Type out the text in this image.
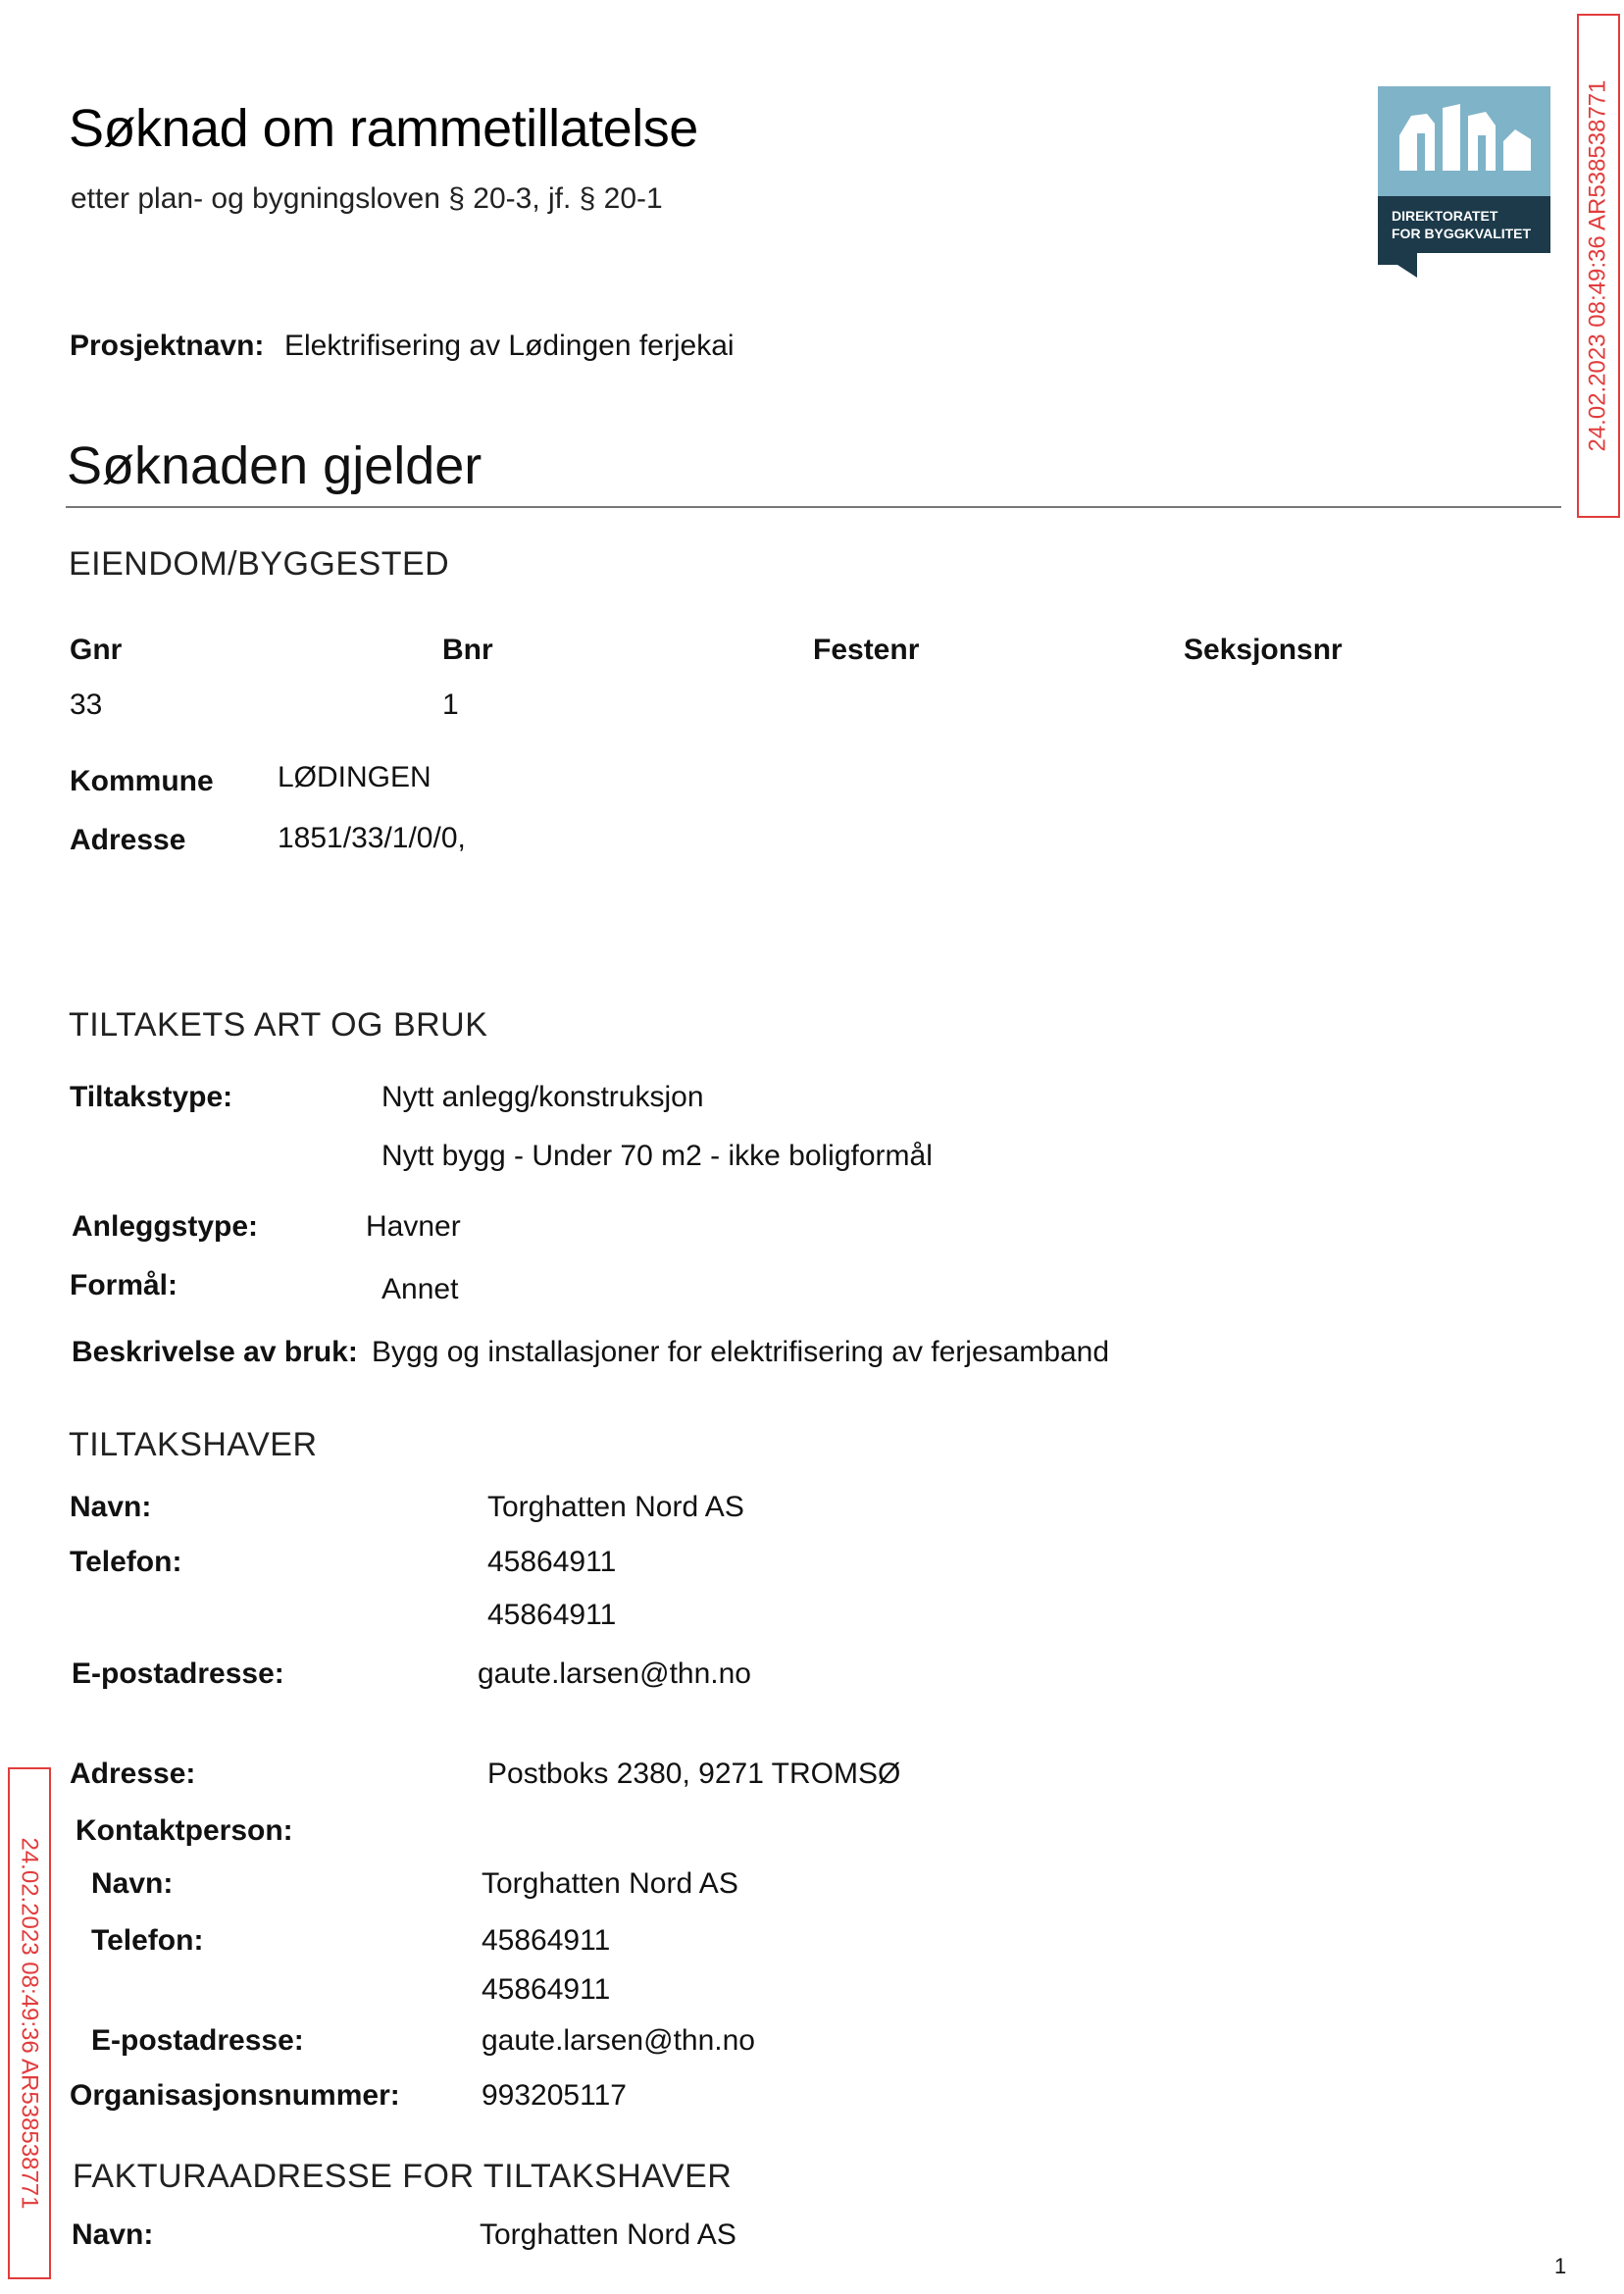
Søknad om rammetillatelse
etter plan- og bygningsloven § 20-3, jf. § 20-1
DIREKTORATET
FOR BYGGKVALITET 24.02.2023 08:49:36 AR538538771
Prosjektnavn: Elektrifisering av Lødingen ferjekai
Søknaden gjelder
EIENDOM/BYGGESTED
Gnr	Bnr	Festenr	Seksjonsnr
33	1
Kommune LØDINGEN
Adresse	1851/33/1/0/0,
TILTAKETS ART OG BRUK
Tiltakstype:	Nytt anlegg/konstruksjon
Nytt bygg - Under 70 m2 - ikke boligformål
Anleggstype:	Havner
Formål:	Annet
Beskrivelse av bruk: Bygg og installasjoner for elektrifisering av ferjesamband
TILTAKSHAVER
Navn:	Torghatten Nord AS
Telefon:	45864911
45864911
E-postadresse:	gaute.larsen@thn.no
Adresse:	Postboks 2380, 9271 TROMSØ
Kontaktperson:
Navn:	Torghatten Nord AS
Telefon:	45864911
45864911
E-postadresse:	gaute.larsen@thn.no
Organisasjonsnummer:	993205117
FAKTURAADRESSE FOR TILTAKSHAVER
Navn:	Torghatten Nord AS
24.02.2023 08:49:36 AR538538771
1
